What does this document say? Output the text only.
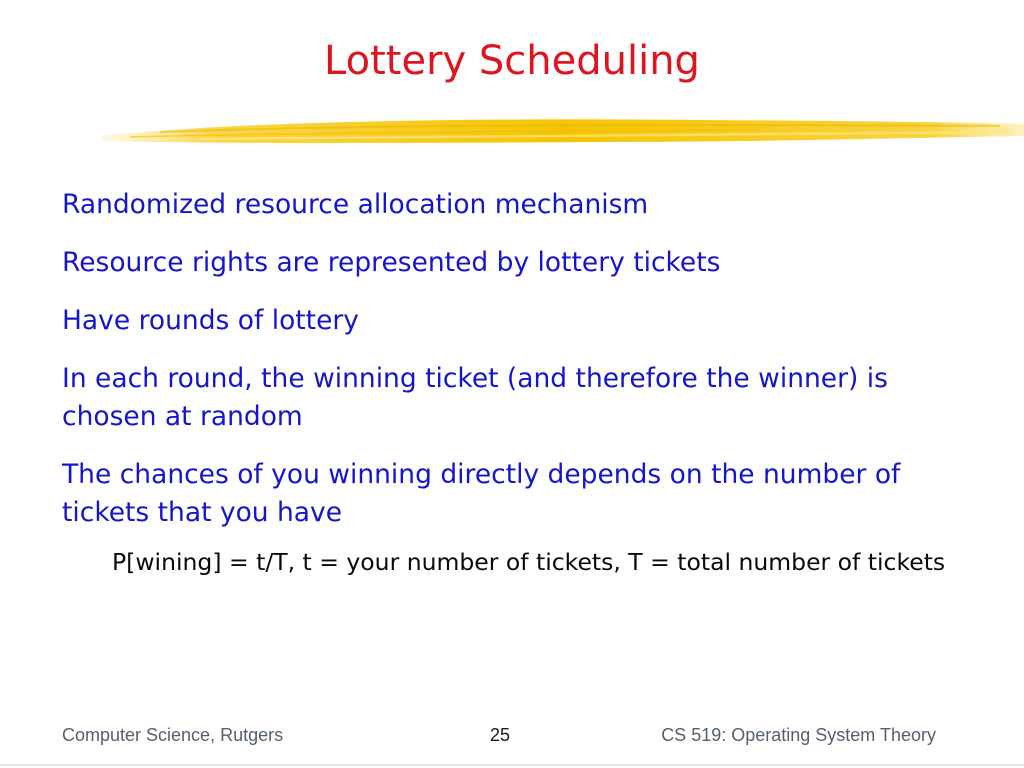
Lottery Scheduling
Randomized resource allocation mechanism
Resource rights are represented by lottery tickets
Have rounds of lottery
In each round, the winning ticket (and therefore the winner) is chosen at random
The chances of you winning directly depends on the number of tickets that you have
P[wining] = t/T, t = your number of tickets, T = total number of tickets
Computer Science, Rutgers	25	CS 519: Operating System Theory
